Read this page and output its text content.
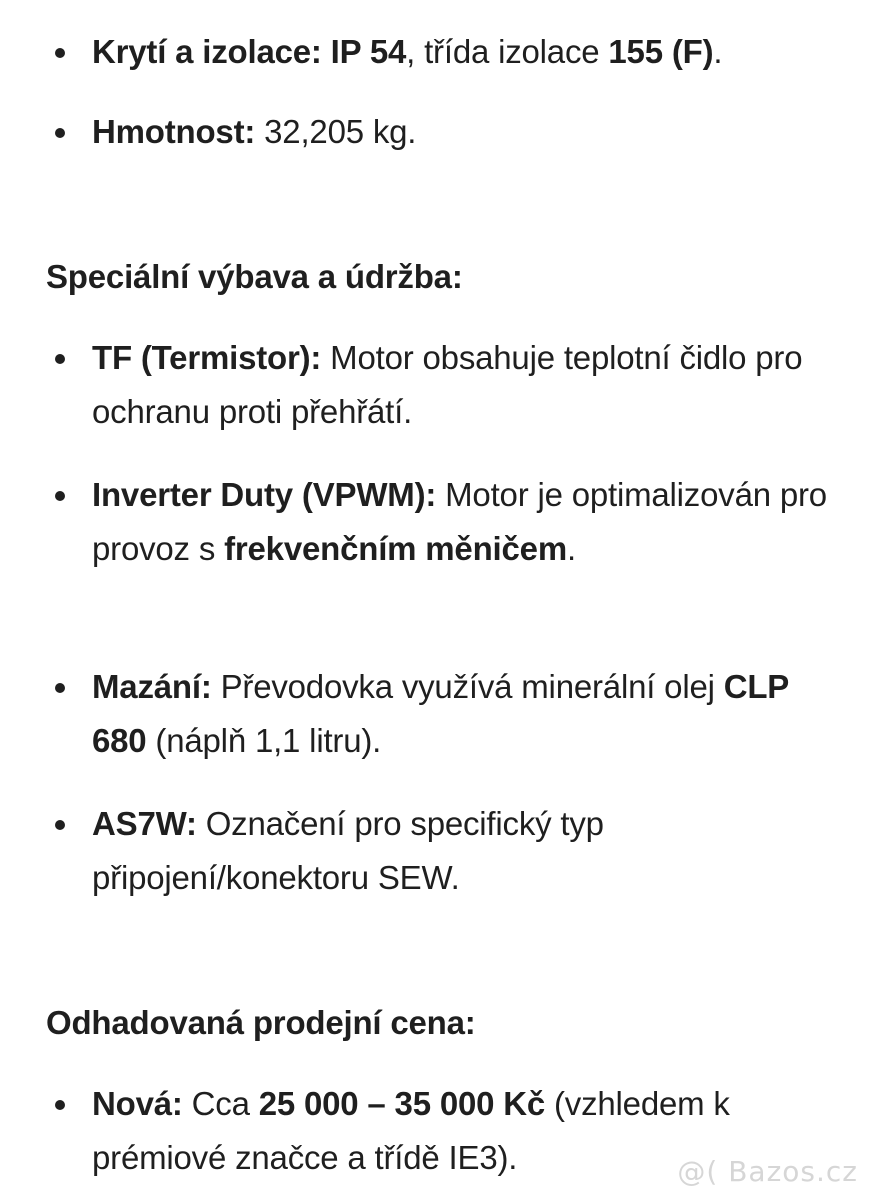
Krytí a izolace: IP 54, třída izolace 155 (F).
Hmotnost: 32,205 kg.
Speciální výbava a údržba:
TF (Termistor): Motor obsahuje teplotní čidlo pro ochranu proti přehřátí.
Inverter Duty (VPWM): Motor je optimalizován pro provoz s frekvenčním měničem.
Mazání: Převodovka využívá minerální olej CLP 680 (náplň 1,1 litru).
AS7W: Označení pro specifický typ připojení/konektoru SEW.
Odhadovaná prodejní cena:
Nová: Cca 25 000 – 35 000 Kč (vzhledem k prémiové značce a třídě IE3).	@( Bazos.cz
